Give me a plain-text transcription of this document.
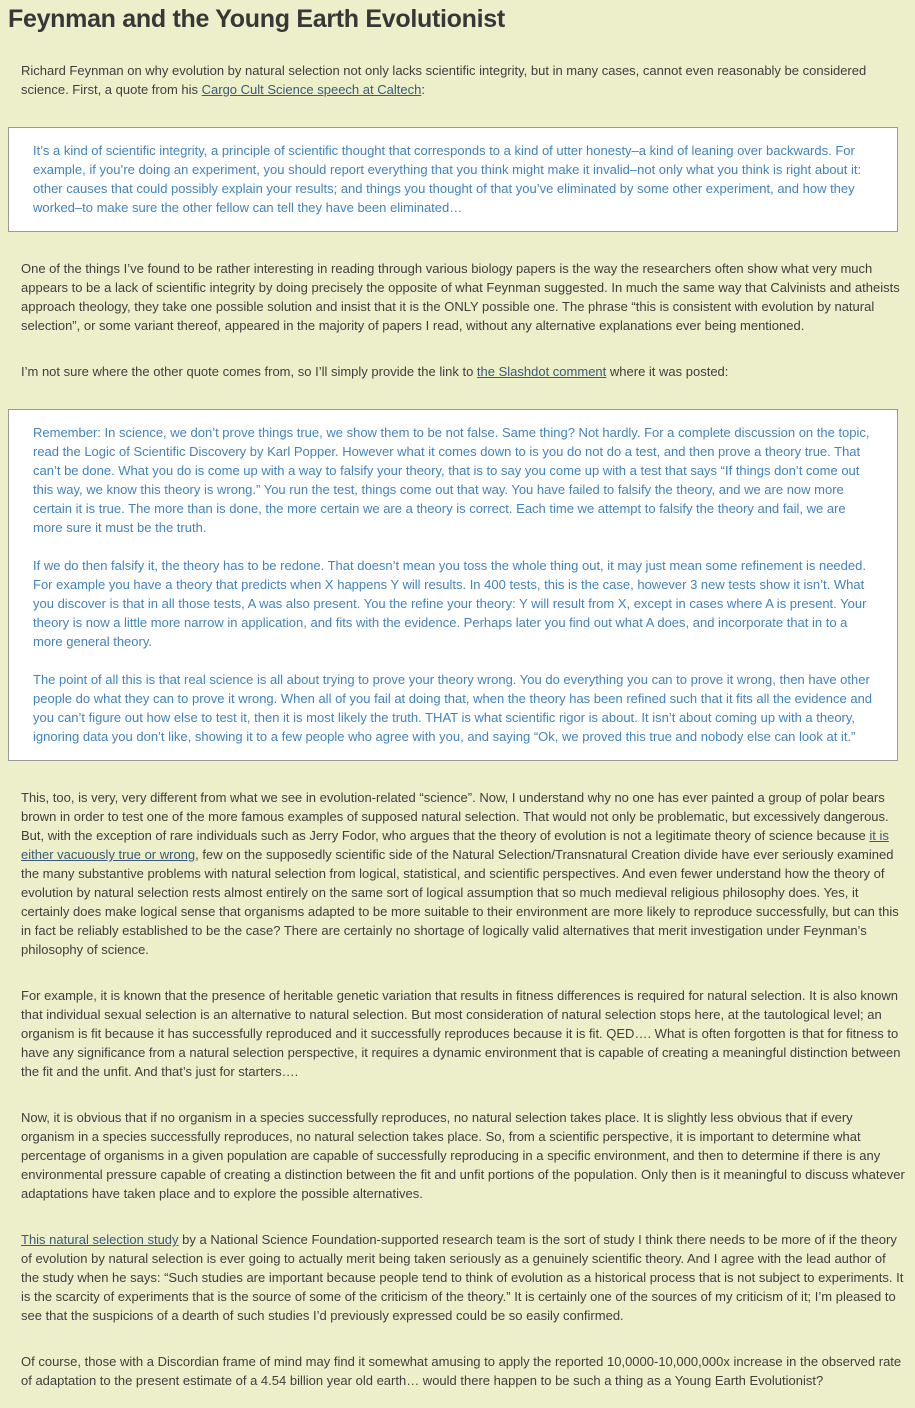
Feynman and the Young Earth Evolutionist

Richard Feynman on why evolution by natural selection not only lacks scientific integrity, but in many cases, cannot even reasonably be considered science. First, a quote from his Cargo Cult Science speech at Caltech:

It’s a kind of scientific integrity, a principle of scientific thought that corresponds to a kind of utter honesty–a kind of leaning over backwards. For example, if you’re doing an experiment, you should report everything that you think might make it invalid–not only what you think is right about it: other causes that could possibly explain your results; and things you thought of that you’ve eliminated by some other experiment, and how they worked–to make sure the other fellow can tell they have been eliminated…

One of the things I’ve found to be rather interesting in reading through various biology papers is the way the researchers often show what very much appears to be a lack of scientific integrity by doing precisely the opposite of what Feynman suggested. In much the same way that Calvinists and atheists approach theology, they take one possible solution and insist that it is the ONLY possible one. The phrase “this is consistent with evolution by natural selection”, or some variant thereof, appeared in the majority of papers I read, without any alternative explanations ever being mentioned.

I’m not sure where the other quote comes from, so I’ll simply provide the link to the Slashdot comment where it was posted:

Remember: In science, we don’t prove things true, we show them to be not false. Same thing? Not hardly. For a complete discussion on the topic, read the Logic of Scientific Discovery by Karl Popper. However what it comes down to is you do not do a test, and then prove a theory true. That can’t be done. What you do is come up with a way to falsify your theory, that is to say you come up with a test that says “If things don’t come out this way, we know this theory is wrong.” You run the test, things come out that way. You have failed to falsify the theory, and we are now more certain it is true. The more than is done, the more certain we are a theory is correct. Each time we attempt to falsify the theory and fail, we are more sure it must be the truth.

If we do then falsify it, the theory has to be redone. That doesn’t mean you toss the whole thing out, it may just mean some refinement is needed. For example you have a theory that predicts when X happens Y will results. In 400 tests, this is the case, however 3 new tests show it isn’t. What you discover is that in all those tests, A was also present. You the refine your theory: Y will result from X, except in cases where A is present. Your theory is now a little more narrow in application, and fits with the evidence. Perhaps later you find out what A does, and incorporate that in to a more general theory.

The point of all this is that real science is all about trying to prove your theory wrong. You do everything you can to prove it wrong, then have other people do what they can to prove it wrong. When all of you fail at doing that, when the theory has been refined such that it fits all the evidence and you can’t figure out how else to test it, then it is most likely the truth. THAT is what scientific rigor is about. It isn’t about coming up with a theory, ignoring data you don’t like, showing it to a few people who agree with you, and saying “Ok, we proved this true and nobody else can look at it.”

This, too, is very, very different from what we see in evolution-related “science”. Now, I understand why no one has ever painted a group of polar bears brown in order to test one of the more famous examples of supposed natural selection. That would not only be problematic, but excessively dangerous. But, with the exception of rare individuals such as Jerry Fodor, who argues that the theory of evolution is not a legitimate theory of science because it is either vacuously true or wrong, few on the supposedly scientific side of the Natural Selection/Transnatural Creation divide have ever seriously examined the many substantive problems with natural selection from logical, statistical, and scientific perspectives. And even fewer understand how the theory of evolution by natural selection rests almost entirely on the same sort of logical assumption that so much medieval religious philosophy does. Yes, it certainly does make logical sense that organisms adapted to be more suitable to their environment are more likely to reproduce successfully, but can this in fact be reliably established to be the case? There are certainly no shortage of logically valid alternatives that merit investigation under Feynman’s philosophy of science.

For example, it is known that the presence of heritable genetic variation that results in fitness differences is required for natural selection. It is also known that individual sexual selection is an alternative to natural selection. But most consideration of natural selection stops here, at the tautological level; an organism is fit because it has successfully reproduced and it successfully reproduces because it is fit. QED…. What is often forgotten is that for fitness to have any significance from a natural selection perspective, it requires a dynamic environment that is capable of creating a meaningful distinction between the fit and the unfit. And that’s just for starters….

Now, it is obvious that if no organism in a species successfully reproduces, no natural selection takes place. It is slightly less obvious that if every organism in a species successfully reproduces, no natural selection takes place. So, from a scientific perspective, it is important to determine what percentage of organisms in a given population are capable of successfully reproducing in a specific environment, and then to determine if there is any environmental pressure capable of creating a distinction between the fit and unfit portions of the population. Only then is it meaningful to discuss whatever adaptations have taken place and to explore the possible alternatives.

This natural selection study by a National Science Foundation-supported research team is the sort of study I think there needs to be more of if the theory of evolution by natural selection is ever going to actually merit being taken seriously as a genuinely scientific theory. And I agree with the lead author of the study when he says: “Such studies are important because people tend to think of evolution as a historical process that is not subject to experiments. It is the scarcity of experiments that is the source of some of the criticism of the theory.” It is certainly one of the sources of my criticism of it; I’m pleased to see that the suspicions of a dearth of such studies I’d previously expressed could be so easily confirmed.

Of course, those with a Discordian frame of mind may find it somewhat amusing to apply the reported 10,0000-10,000,000x increase in the observed rate of adaptation to the present estimate of a 4.54 billion year old earth… would there happen to be such a thing as a Young Earth Evolutionist?
